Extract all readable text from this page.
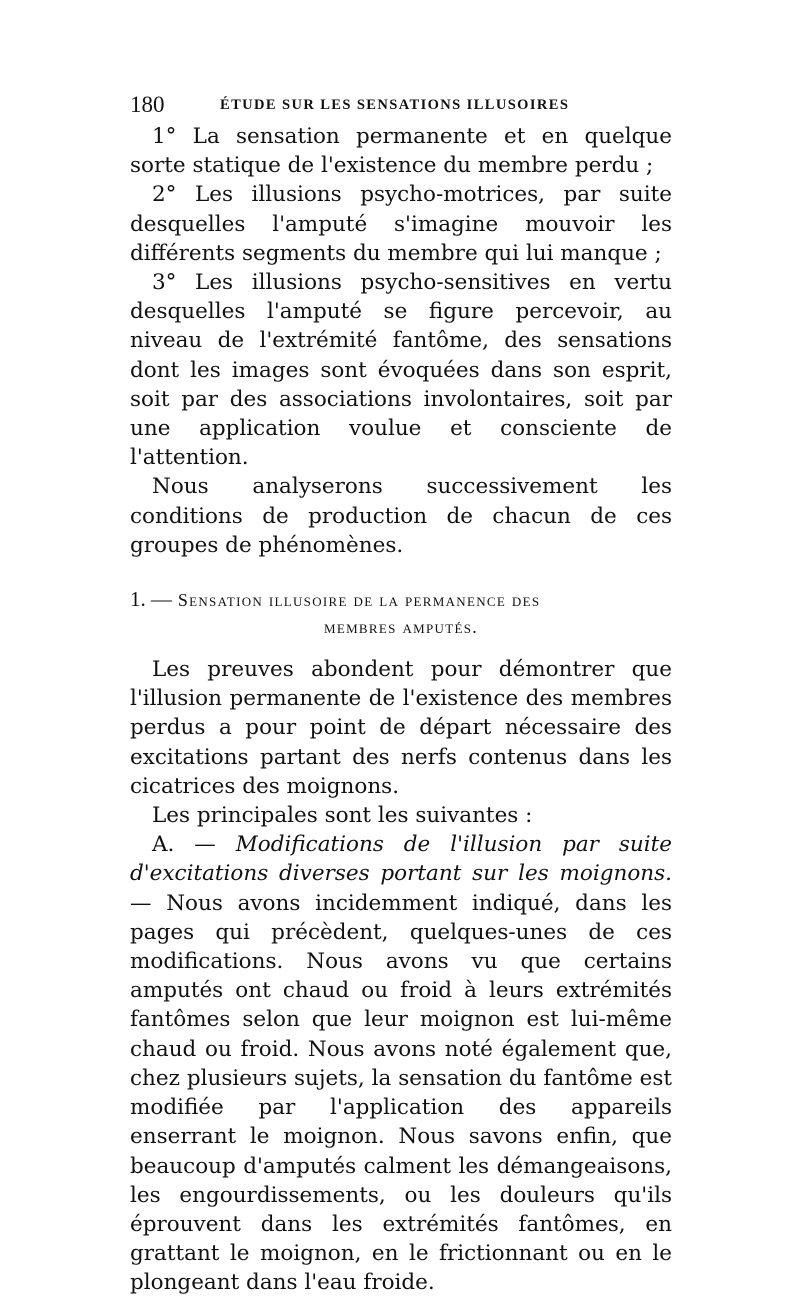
180	ÉTUDE SUR LES SENSATIONS ILLUSOIRES

1° La sensation permanente et en quelque sorte statique de l'existence du membre perdu ;

2° Les illusions psycho-motrices, par suite desquelles l'amputé s'imagine mouvoir les différents segments du membre qui lui manque ;

3° Les illusions psycho-sensitives en vertu desquelles l'amputé se figure percevoir, au niveau de l'extrémité fantôme, des sensations dont les images sont évoquées dans son esprit, soit par des associations involontaires, soit par une application voulue et consciente de l'attention.

Nous analyserons successivement les conditions de production de chacun de ces groupes de phénomènes.

1. — Sensation illusoire de la permanence des
membres amputés.

Les preuves abondent pour démontrer que l'illusion permanente de l'existence des membres perdus a pour point de départ nécessaire des excitations partant des nerfs contenus dans les cicatrices des moignons.

Les principales sont les suivantes :

A. — Modifications de l'illusion par suite d'excitations diverses portant sur les moignons. — Nous avons incidemment indiqué, dans les pages qui précèdent, quelques-unes de ces modifications. Nous avons vu que certains amputés ont chaud ou froid à leurs extrémités fantômes selon que leur moignon est lui-même chaud ou froid. Nous avons noté également que, chez plusieurs sujets, la sensation du fantôme est modifiée par l'application des appareils enserrant le moignon. Nous savons enfin, que beaucoup d'amputés calment les démangeaisons, les engourdissements, ou les douleurs qu'ils éprouvent dans les extrémités fantômes, en grattant le moignon, en le frictionnant ou en le plongeant dans l'eau froide.
